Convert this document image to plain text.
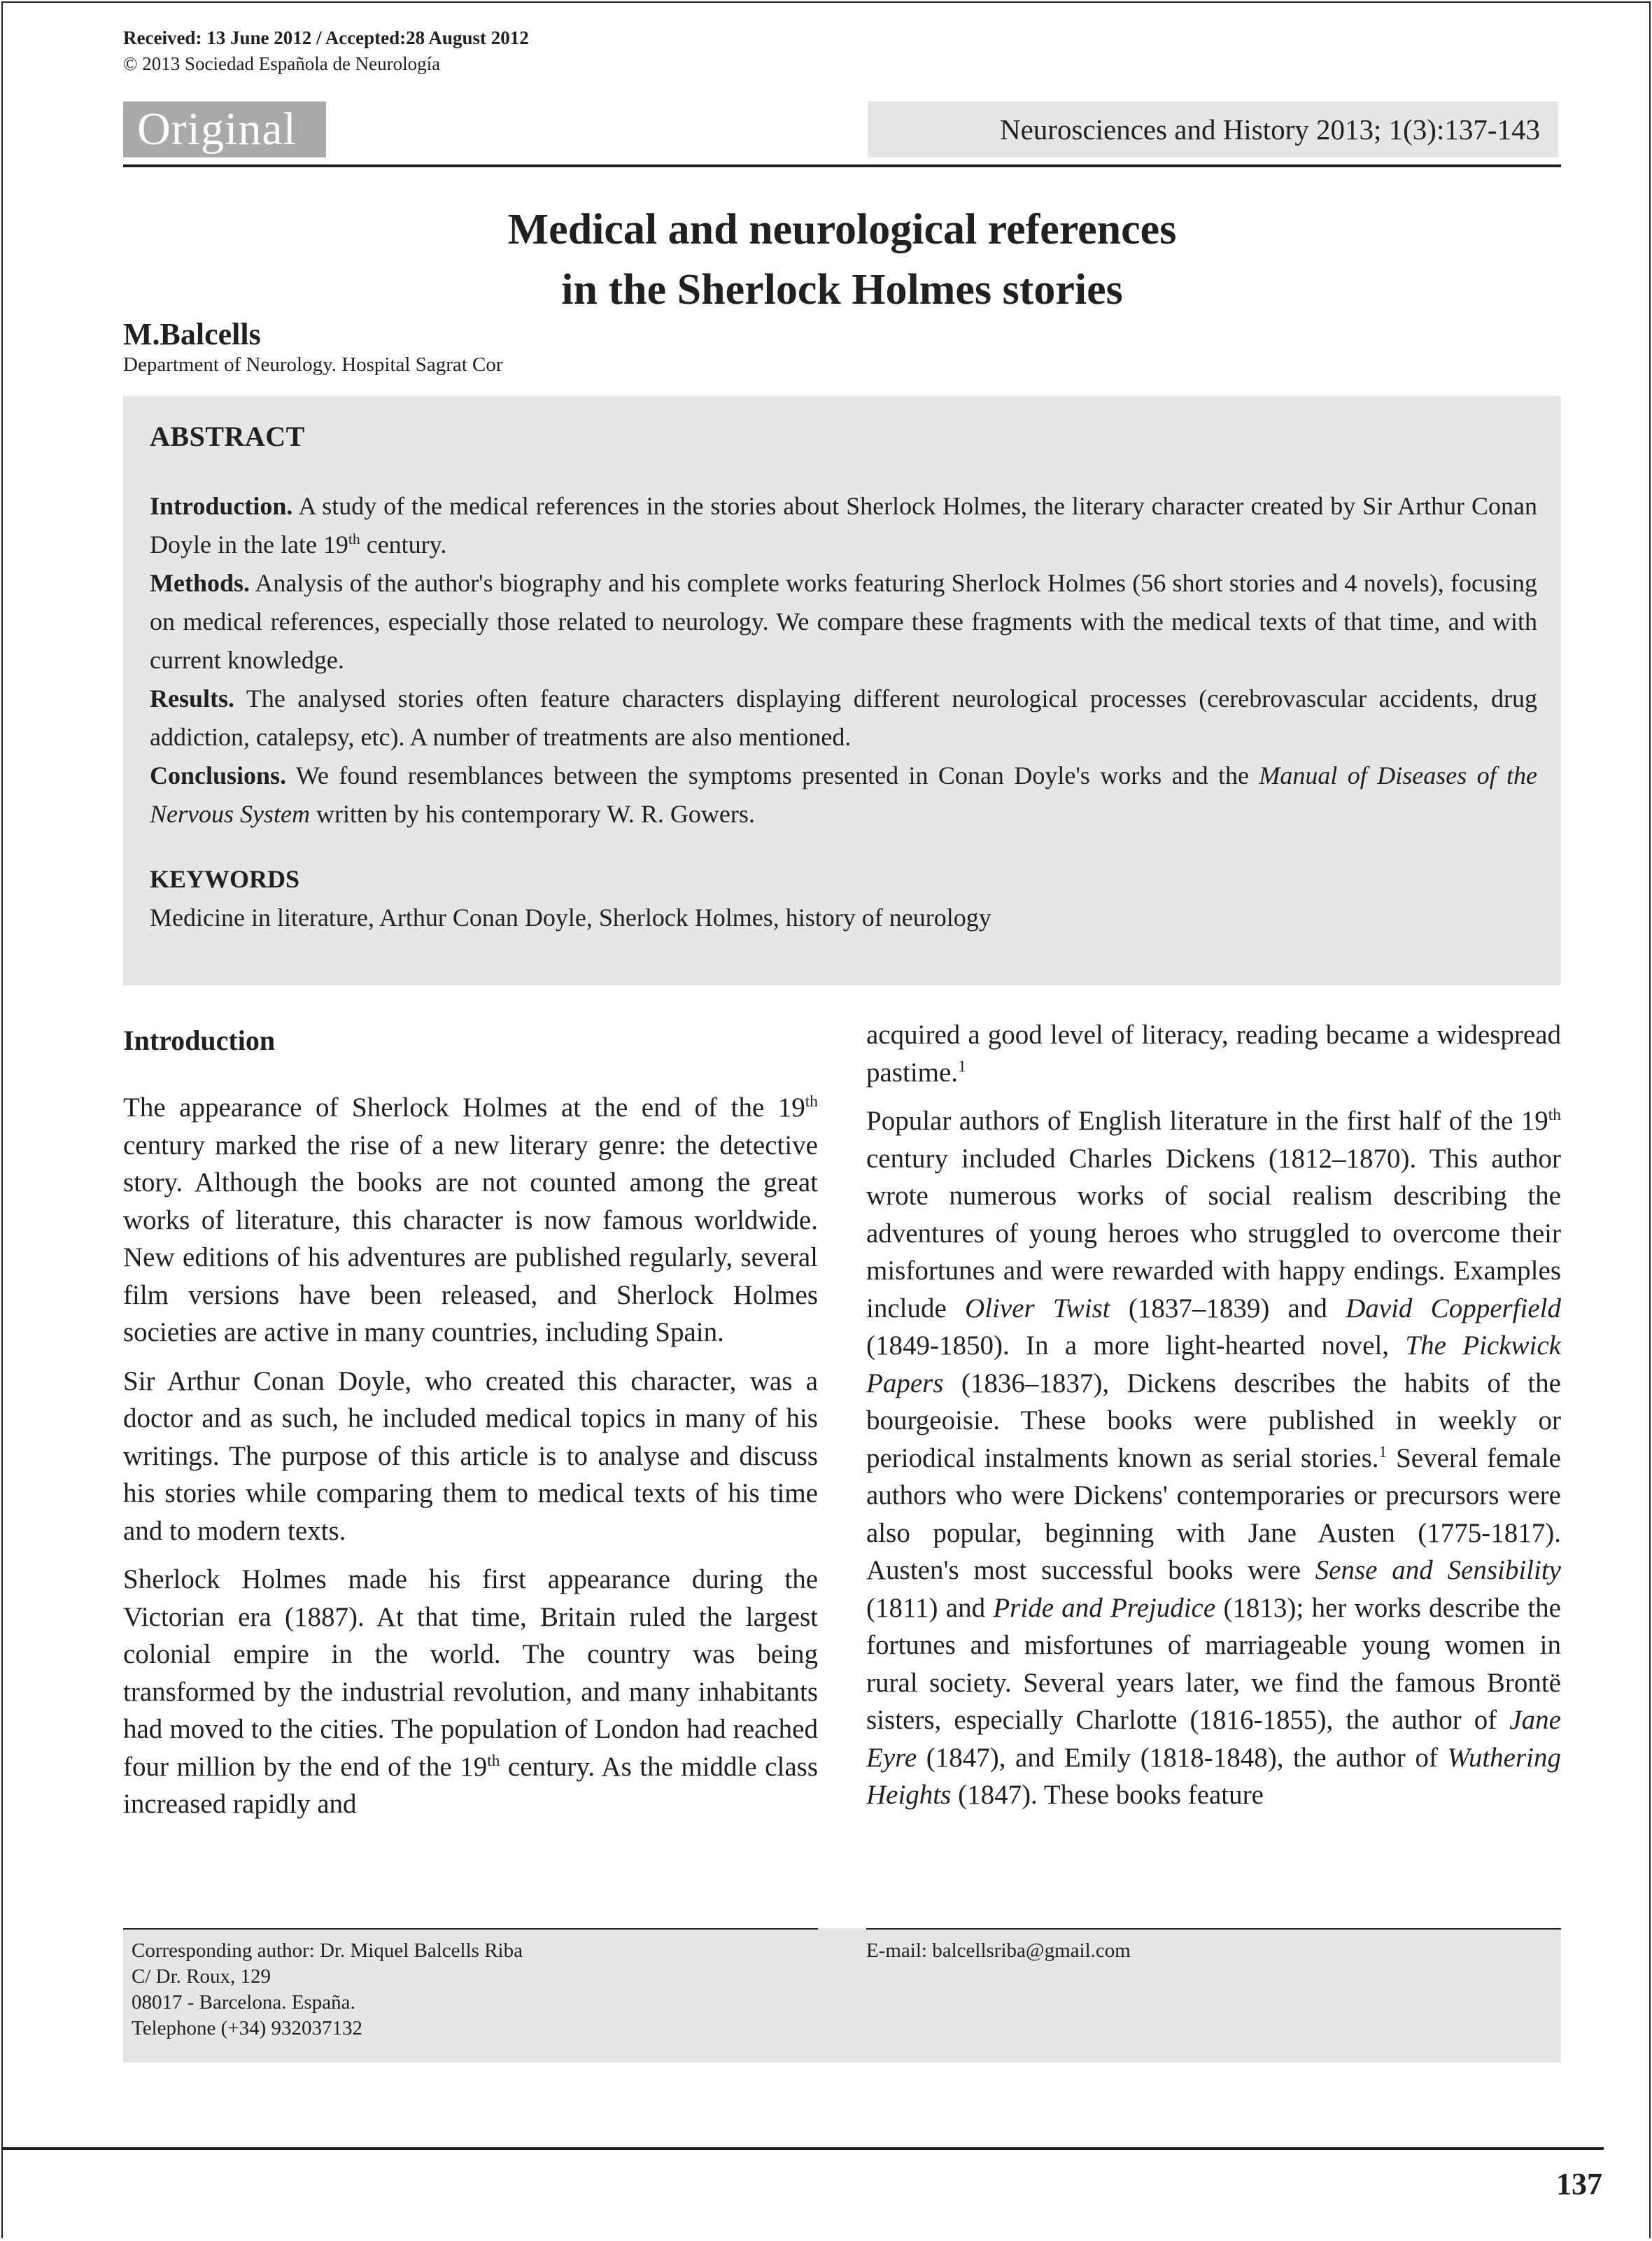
Received: 13 June 2012 / Accepted:28 August 2012
© 2013 Sociedad Española de Neurología
Original	Neurosciences and History 2013; 1(3):137-143
Medical and neurological references
in the Sherlock Holmes stories
M.Balcells
Department of Neurology. Hospital Sagrat Cor
ABSTRACT

Introduction. A study of the medical references in the stories about Sherlock Holmes, the literary character created by Sir Arthur Conan Doyle in the late 19th century.

Methods. Analysis of the author's biography and his complete works featuring Sherlock Holmes (56 short stories and 4 novels), focusing on medical references, especially those related to neurology. We compare these fragments with the medical texts of that time, and with current knowledge.

Results. The analysed stories often feature characters displaying different neurological processes (cerebrovascular accidents, drug addiction, catalepsy, etc). A number of treatments are also mentioned.

Conclusions. We found resemblances between the symptoms presented in Conan Doyle's works and the Manual of Diseases of the Nervous System written by his contemporary W. R. Gowers.

KEYWORDS

Medicine in literature, Arthur Conan Doyle, Sherlock Holmes, history of neurology

Introduction

The appearance of Sherlock Holmes at the end of the 19th century marked the rise of a new literary genre: the detective story. Although the books are not counted among the great works of literature, this character is now famous worldwide. New editions of his adventures are published regularly, several film versions have been released, and Sherlock Holmes societies are active in many countries, including Spain.

Sir Arthur Conan Doyle, who created this character, was a doctor and as such, he included medical topics in many of his writings. The purpose of this article is to analyse and discuss his stories while comparing them to medical texts of his time and to modern texts.

Sherlock Holmes made his first appearance during the Victorian era (1887). At that time, Britain ruled the largest colonial empire in the world. The country was being transformed by the industrial revolution, and many inhabitants had moved to the cities. The population of London had reached four million by the end of the 19th century. As the middle class increased rapidly and

acquired a good level of literacy, reading became a widespread pastime.$^1$

Popular authors of English literature in the first half of the 19th century included Charles Dickens (1812–1870). This author wrote numerous works of social realism describing the adventures of young heroes who struggled to overcome their misfortunes and were rewarded with happy endings. Examples include Oliver Twist (1837–1839) and David Copperfield (1849-1850). In a more light-hearted novel, The Pickwick Papers (1836–1837), Dickens describes the habits of the bourgeoisie. These books were published in weekly or periodical instalments known as serial stories.$^1$ Several female authors who were Dickens' contemporaries or precursors were also popular, beginning with Jane Austen (1775-1817). Austen's most successful books were Sense and Sensibility (1811) and Pride and Prejudice (1813); her works describe the fortunes and misfortunes of marriageable young women in rural society. Several years later, we find the famous Brontë sisters, especially Charlotte (1816-1855), the author of Jane Eyre (1847), and Emily (1818-1848), the author of Wuthering Heights (1847). These books feature

Corresponding author: Dr. Miquel Balcells Riba
C/ Dr. Roux, 129
08017 - Barcelona. España.
Telephone (+34) 932037132
E-mail: balcellsriba@gmail.com
137
